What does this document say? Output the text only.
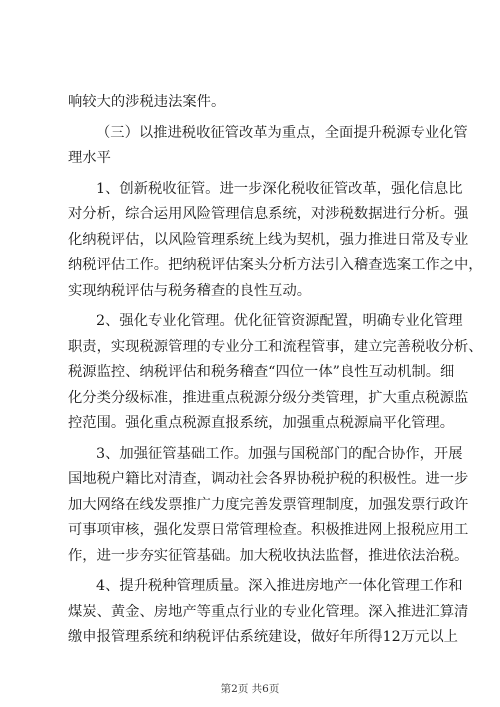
响较大的涉税违法案件。
（三）以推进税收征管改革为重点，全面提升税源专业化管
理水平
1、创新税收征管。进一步深化税收征管改革，强化信息比
对分析，综合运用风险管理信息系统，对涉税数据进行分析。强
化纳税评估，以风险管理系统上线为契机，强力推进日常及专业
纳税评估工作。把纳税评估案头分析方法引入稽查选案工作之中，
实现纳税评估与税务稽查的良性互动。
2、强化专业化管理。优化征管资源配置，明确专业化管理
职责，实现税源管理的专业分工和流程管事，建立完善税收分析、
税源监控、纳税评估和税务稽查“四位一体”良性互动机制。细
化分类分级标准，推进重点税源分级分类管理，扩大重点税源监
控范围。强化重点税源直报系统，加强重点税源扁平化管理。
3、加强征管基础工作。加强与国税部门的配合协作，开展
国地税户籍比对清查，调动社会各界协税护税的积极性。进一步
加大网络在线发票推广力度完善发票管理制度，加强发票行政许
可事项审核，强化发票日常管理检查。积极推进网上报税应用工
作，进一步夯实征管基础。加大税收执法监督，推进依法治税。
4、提升税种管理质量。深入推进房地产一体化管理工作和
煤炭、黄金、房地产等重点行业的专业化管理。深入推进汇算清
缴申报管理系统和纳税评估系统建设，做好年所得12万元以上
第2页 共6页
